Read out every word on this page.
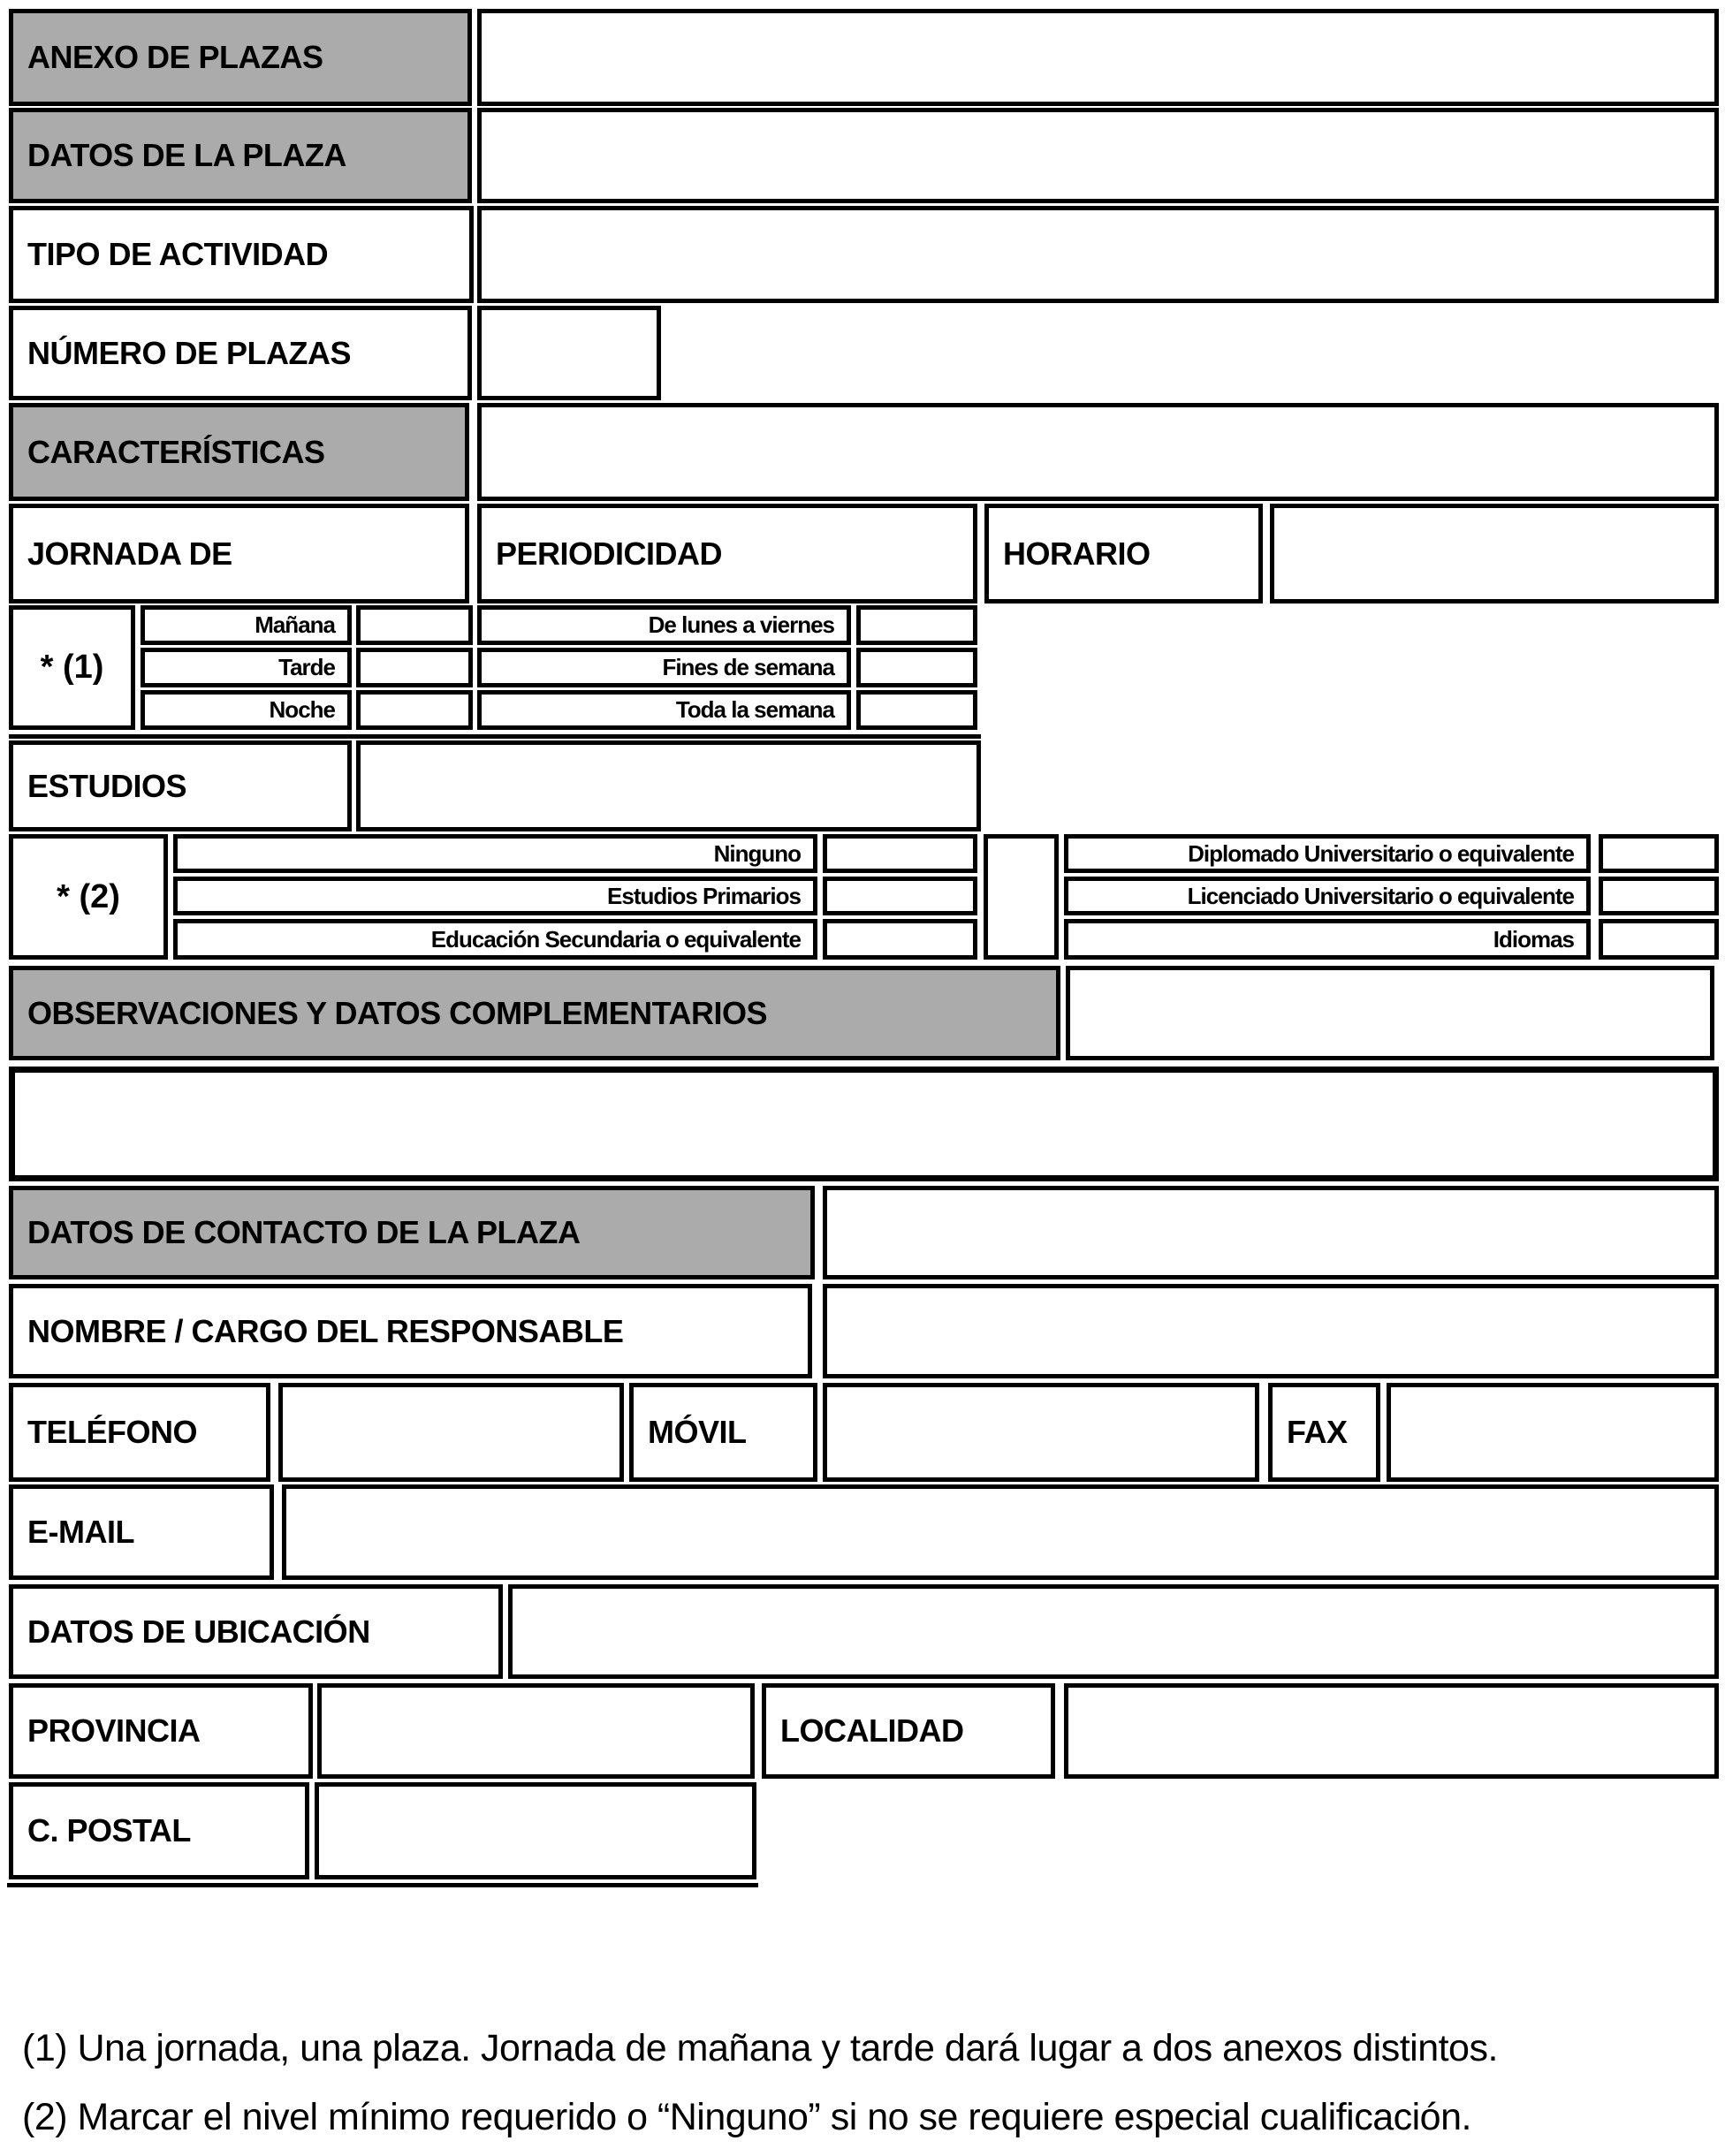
ANEXO DE PLAZAS
DATOS DE LA PLAZA
TIPO DE ACTIVIDAD
NÚMERO DE PLAZAS
CARACTERÍSTICAS
JORNADA DE	PERIODICIDAD	HORARIO
* (1)
Mañana	De lunes a viernes
Tarde	Fines de semana
Noche	Toda la semana
ESTUDIOS
* (2)
Ninguno	Diplomado Universitario o equivalente
Estudios Primarios	Licenciado Universitario o equivalente
Educación Secundaria o equivalente	Idiomas
OBSERVACIONES Y DATOS COMPLEMENTARIOS
DATOS DE CONTACTO DE LA PLAZA
NOMBRE / CARGO DEL RESPONSABLE
TELÉFONO	MÓVIL	FAX
E-MAIL
DATOS DE UBICACIÓN
PROVINCIA	LOCALIDAD
C. POSTAL
(1) Una jornada, una plaza. Jornada de mañana y tarde dará lugar a dos anexos distintos.
(2) Marcar el nivel mínimo requerido o “Ninguno” si no se requiere especial cualificación.
